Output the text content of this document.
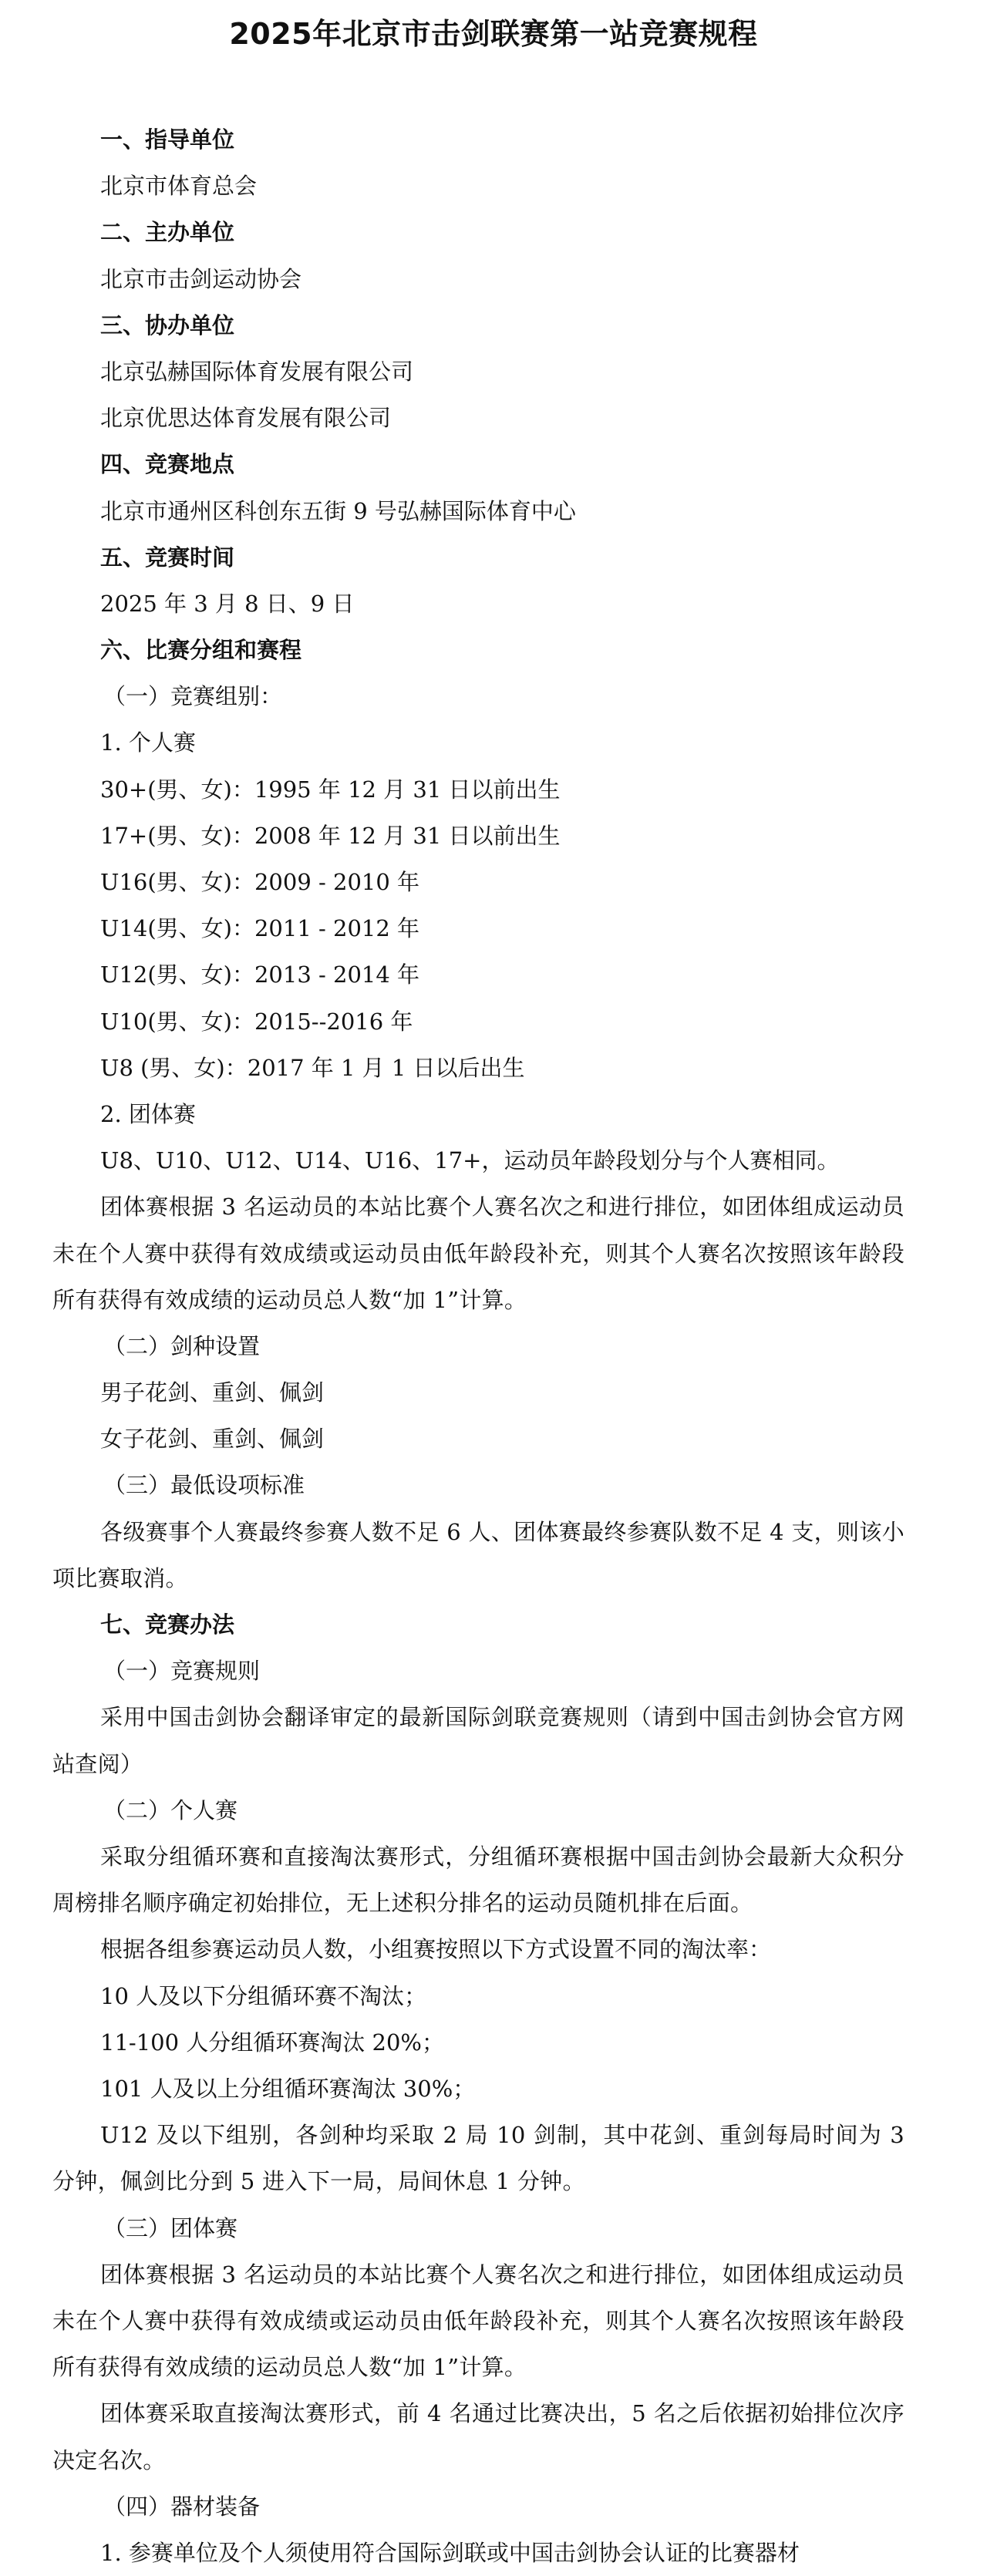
2025年北京市击剑联赛第一站竞赛规程

一、指导单位

北京市体育总会

二、主办单位

北京市击剑运动协会

三、协办单位

北京弘赫国际体育发展有限公司

北京优思达体育发展有限公司

四、竞赛地点

北京市通州区科创东五街 9 号弘赫国际体育中心

五、竞赛时间

2025 年 3 月 8 日、9 日

六、比赛分组和赛程

（一）竞赛组别：

1. 个人赛

30+(男、女)：1995 年 12 月 31 日以前出生

17+(男、女)：2008 年 12 月 31 日以前出生

U16(男、女)：2009 - 2010 年

U14(男、女)：2011 - 2012 年

U12(男、女)：2013 - 2014 年

U10(男、女)：2015--2016 年

U8 (男、女)：2017 年 1 月 1 日以后出生

2. 团体赛

U8、U10、U12、U14、U16、17+，运动员年龄段划分与个人赛相同。

团体赛根据 3 名运动员的本站比赛个人赛名次之和进行排位，如团体组成运动员未在个人赛中获得有效成绩或运动员由低年龄段补充，则其个人赛名次按照该年龄段所有获得有效成绩的运动员总人数“加 1”计算。

（二）剑种设置

男子花剑、重剑、佩剑

女子花剑、重剑、佩剑

（三）最低设项标准

各级赛事个人赛最终参赛人数不足 6 人、团体赛最终参赛队数不足 4 支，则该小项比赛取消。

七、竞赛办法

（一）竞赛规则

采用中国击剑协会翻译审定的最新国际剑联竞赛规则（请到中国击剑协会官方网站查阅）

（二）个人赛

采取分组循环赛和直接淘汰赛形式，分组循环赛根据中国击剑协会最新大众积分周榜排名顺序确定初始排位，无上述积分排名的运动员随机排在后面。

根据各组参赛运动员人数，小组赛按照以下方式设置不同的淘汰率：

10 人及以下分组循环赛不淘汰；

11-100 人分组循环赛淘汰 20%；

101 人及以上分组循环赛淘汰 30%；

U12 及以下组别，各剑种均采取 2 局 10 剑制，其中花剑、重剑每局时间为 3 分钟，佩剑比分到 5 进入下一局，局间休息 1 分钟。

（三）团体赛

团体赛根据 3 名运动员的本站比赛个人赛名次之和进行排位，如团体组成运动员未在个人赛中获得有效成绩或运动员由低年龄段补充，则其个人赛名次按照该年龄段所有获得有效成绩的运动员总人数“加 1”计算。

团体赛采取直接淘汰赛形式，前 4 名通过比赛决出，5 名之后依据初始排位次序决定名次。

（四）器材装备

1. 参赛单位及个人须使用符合国际剑联或中国击剑协会认证的比赛器材
